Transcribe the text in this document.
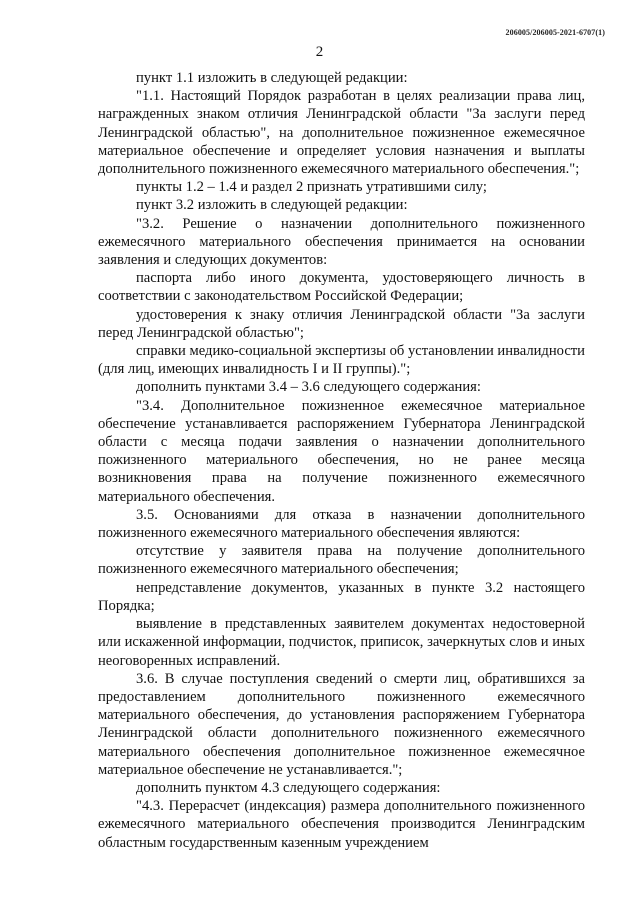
206005/206005-2021-6707(1)
2

пункт 1.1 изложить в следующей редакции:

"1.1. Настоящий Порядок разработан в целях реализации права лиц, награжденных знаком отличия Ленинградской области "За заслуги перед Ленинградской областью", на дополнительное пожизненное ежемесячное материальное обеспечение и определяет условия назначения и выплаты дополнительного пожизненного ежемесячного материального обеспечения.";

пункты 1.2 – 1.4 и раздел 2 признать утратившими силу;

пункт 3.2 изложить в следующей редакции:

"3.2. Решение о назначении дополнительного пожизненного ежемесячного материального обеспечения принимается на основании заявления и следующих документов:

паспорта либо иного документа, удостоверяющего личность в соответствии с законодательством Российской Федерации;

удостоверения к знаку отличия Ленинградской области "За заслуги перед Ленинградской областью";

справки медико-социальной экспертизы об установлении инвалидности (для лиц, имеющих инвалидность I и II группы).";

дополнить пунктами 3.4 – 3.6 следующего содержания:

"3.4. Дополнительное пожизненное ежемесячное материальное обеспечение устанавливается распоряжением Губернатора Ленинградской области с месяца подачи заявления о назначении дополнительного пожизненного материального обеспечения, но не ранее месяца возникновения права на получение пожизненного ежемесячного материального обеспечения.

3.5. Основаниями для отказа в назначении дополнительного пожизненного ежемесячного материального обеспечения являются:

отсутствие у заявителя права на получение дополнительного пожизненного ежемесячного материального обеспечения;

непредставление документов, указанных в пункте 3.2 настоящего Порядка;

выявление в представленных заявителем документах недостоверной или искаженной информации, подчисток, приписок, зачеркнутых слов и иных неоговоренных исправлений.

3.6. В случае поступления сведений о смерти лиц, обратившихся за предоставлением дополнительного пожизненного ежемесячного материального обеспечения, до установления распоряжением Губернатора Ленинградской области дополнительного пожизненного ежемесячного материального обеспечения дополнительное пожизненное ежемесячное материальное обеспечение не устанавливается.";

дополнить пунктом 4.3 следующего содержания:

"4.3. Перерасчет (индексация) размера дополнительного пожизненного ежемесячного материального обеспечения производится Ленинградским областным государственным казенным учреждением
